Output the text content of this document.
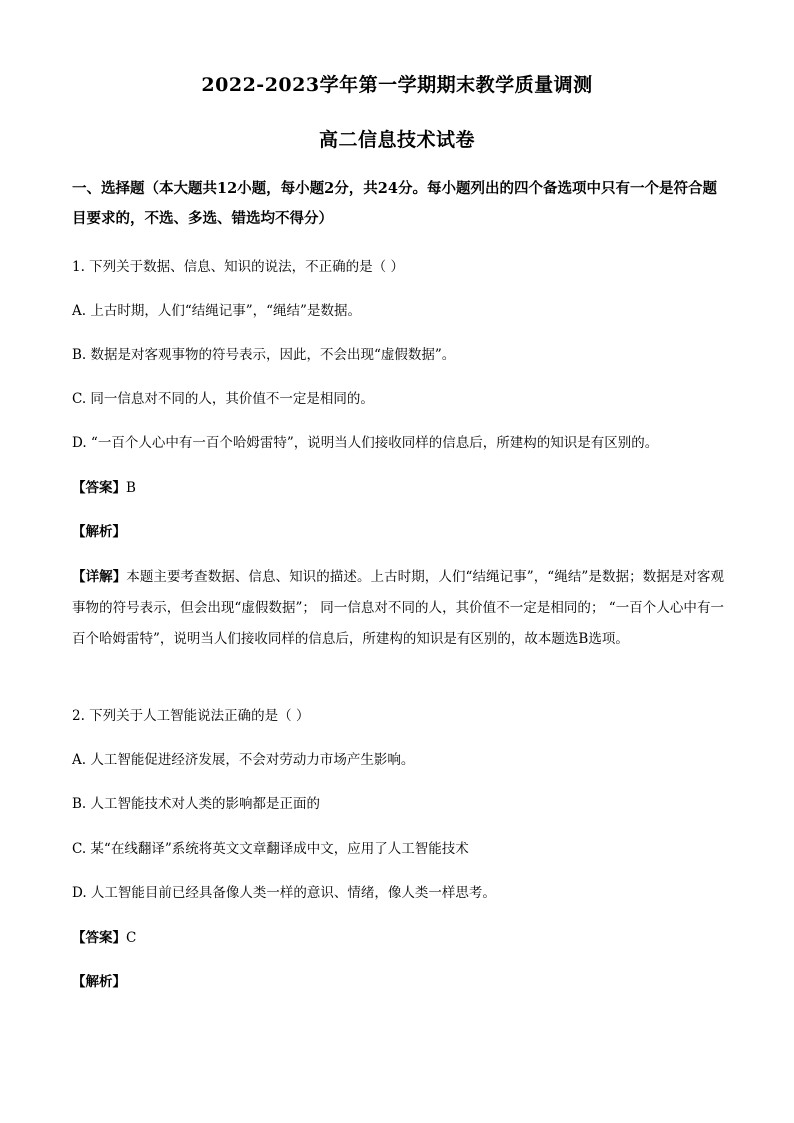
2022-2023学年第一学期期末教学质量调测
高二信息技术试卷
一、选择题（本大题共12小题，每小题2分，共24分。每小题列出的四个备选项中只有一个是符合题目要求的，不选、多选、错选均不得分）
1. 下列关于数据、信息、知识的说法，不正确的是（ ）
A. 上古时期，人们“结绳记事”，“绳结”是数据。
B. 数据是对客观事物的符号表示，因此，不会出现“虚假数据”。
C. 同一信息对不同的人，其价值不一定是相同的。
D. “一百个人心中有一百个哈姆雷特”，说明当人们接收同样的信息后，所建构的知识是有区别的。
【答案】B
【解析】
【详解】本题主要考查数据、信息、知识的描述。上古时期，人们“结绳记事”，“绳结”是数据；数据是对客观事物的符号表示，但会出现“虚假数据”； 同一信息对不同的人，其价值不一定是相同的； “一百个人心中有一百个哈姆雷特”，说明当人们接收同样的信息后，所建构的知识是有区别的，故本题选B选项。
2. 下列关于人工智能说法正确的是（ ）
A. 人工智能促进经济发展，不会对劳动力市场产生影响。
B. 人工智能技术对人类的影响都是正面的
C. 某“在线翻译”系统将英文文章翻译成中文，应用了人工智能技术
D. 人工智能目前已经具备像人类一样的意识、情绪，像人类一样思考。
【答案】C
【解析】
